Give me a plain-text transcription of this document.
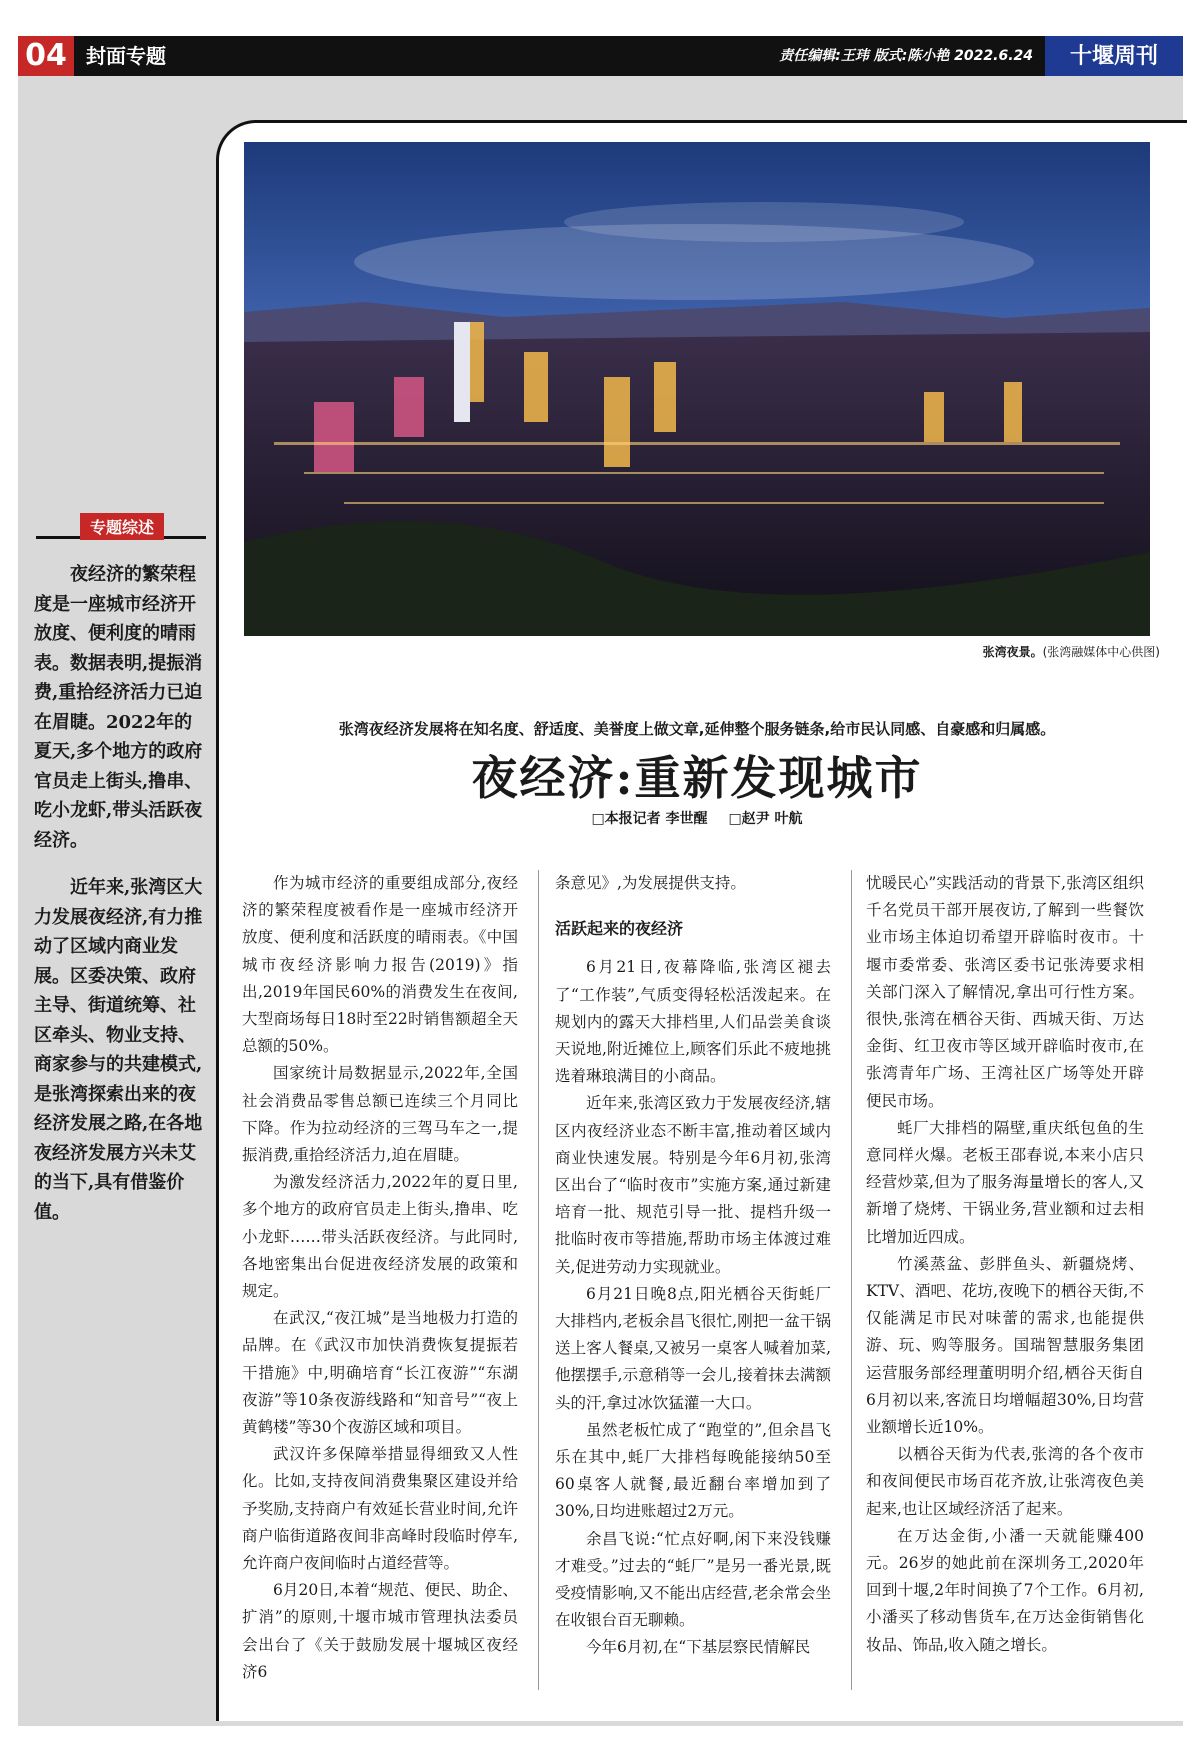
04 封面专题	责任编辑:王玮 版式:陈小艳 2022.6.24	十堰周刊
专题综述

夜经济的繁荣程度是一座城市经济开放度、便利度的晴雨表。数据表明,提振消费,重拾经济活力已迫在眉睫。2022年的夏天,多个地方的政府官员走上街头,撸串、吃小龙虾,带头活跃夜经济。

近年来,张湾区大力发展夜经济,有力推动了区域内商业发展。区委决策、政府主导、街道统筹、社区牵头、物业支持、商家参与的共建模式,是张湾探索出来的夜经济发展之路,在各地夜经济发展方兴未艾的当下,具有借鉴价值。

张湾夜景。(张湾融媒体中心供图)
张湾夜经济发展将在知名度、舒适度、美誉度上做文章,延伸整个服务链条,给市民认同感、自豪感和归属感。
夜经济:重新发现城市
□本报记者 李世醒 □赵尹 叶航

作为城市经济的重要组成部分,夜经济的繁荣程度被看作是一座城市经济开放度、便利度和活跃度的晴雨表。《中国城市夜经济影响力报告(2019)》指出,2019年国民60%的消费发生在夜间,大型商场每日18时至22时销售额超全天总额的50%。

国家统计局数据显示,2022年,全国社会消费品零售总额已连续三个月同比下降。作为拉动经济的三驾马车之一,提振消费,重拾经济活力,迫在眉睫。

为激发经济活力,2022年的夏日里,多个地方的政府官员走上街头,撸串、吃小龙虾……带头活跃夜经济。与此同时,各地密集出台促进夜经济发展的政策和规定。

在武汉,“夜江城”是当地极力打造的品牌。在《武汉市加快消费恢复提振若干措施》中,明确培育“长江夜游”“东湖夜游”等10条夜游线路和“知音号”“夜上黄鹤楼”等30个夜游区域和项目。

武汉许多保障举措显得细致又人性化。比如,支持夜间消费集聚区建设并给予奖励,支持商户有效延长营业时间,允许商户临街道路夜间非高峰时段临时停车,允许商户夜间临时占道经营等。

6月20日,本着“规范、便民、助企、扩消”的原则,十堰市城市管理执法委员会出台了《关于鼓励发展十堰城区夜经济6

条意见》,为发展提供支持。

活跃起来的夜经济

6月21日,夜幕降临,张湾区褪去了“工作装”,气质变得轻松活泼起来。在规划内的露天大排档里,人们品尝美食谈天说地,附近摊位上,顾客们乐此不疲地挑选着琳琅满目的小商品。

近年来,张湾区致力于发展夜经济,辖区内夜经济业态不断丰富,推动着区域内商业快速发展。特别是今年6月初,张湾区出台了“临时夜市”实施方案,通过新建培育一批、规范引导一批、提档升级一批临时夜市等措施,帮助市场主体渡过难关,促进劳动力实现就业。

6月21日晚8点,阳光栖谷天街蚝厂大排档内,老板余昌飞很忙,刚把一盆干锅送上客人餐桌,又被另一桌客人喊着加菜,他摆摆手,示意稍等一会儿,接着抹去满额头的汗,拿过冰饮猛灌一大口。

虽然老板忙成了“跑堂的”,但余昌飞乐在其中,蚝厂大排档每晚能接纳50至60桌客人就餐,最近翻台率增加到了30%,日均进账超过2万元。

余昌飞说:“忙点好啊,闲下来没钱赚才难受。”过去的“蚝厂”是另一番光景,既受疫情影响,又不能出店经营,老余常会坐在收银台百无聊赖。

今年6月初,在“下基层察民情解民

忧暖民心”实践活动的背景下,张湾区组织千名党员干部开展夜访,了解到一些餐饮业市场主体迫切希望开辟临时夜市。十堰市委常委、张湾区委书记张涛要求相关部门深入了解情况,拿出可行性方案。很快,张湾在栖谷天街、西城天街、万达金街、红卫夜市等区域开辟临时夜市,在张湾青年广场、王湾社区广场等处开辟便民市场。

蚝厂大排档的隔壁,重庆纸包鱼的生意同样火爆。老板王邵春说,本来小店只经营炒菜,但为了服务海量增长的客人,又新增了烧烤、干锅业务,营业额和过去相比增加近四成。

竹溪蒸盆、彭胖鱼头、新疆烧烤、KTV、酒吧、花坊,夜晚下的栖谷天街,不仅能满足市民对味蕾的需求,也能提供游、玩、购等服务。国瑞智慧服务集团运营服务部经理董明明介绍,栖谷天街自6月初以来,客流日均增幅超30%,日均营业额增长近10%。

以栖谷天街为代表,张湾的各个夜市和夜间便民市场百花齐放,让张湾夜色美起来,也让区域经济活了起来。

在万达金街,小潘一天就能赚400元。26岁的她此前在深圳务工,2020年回到十堰,2年时间换了7个工作。6月初,小潘买了移动售货车,在万达金街销售化妆品、饰品,收入随之增长。
